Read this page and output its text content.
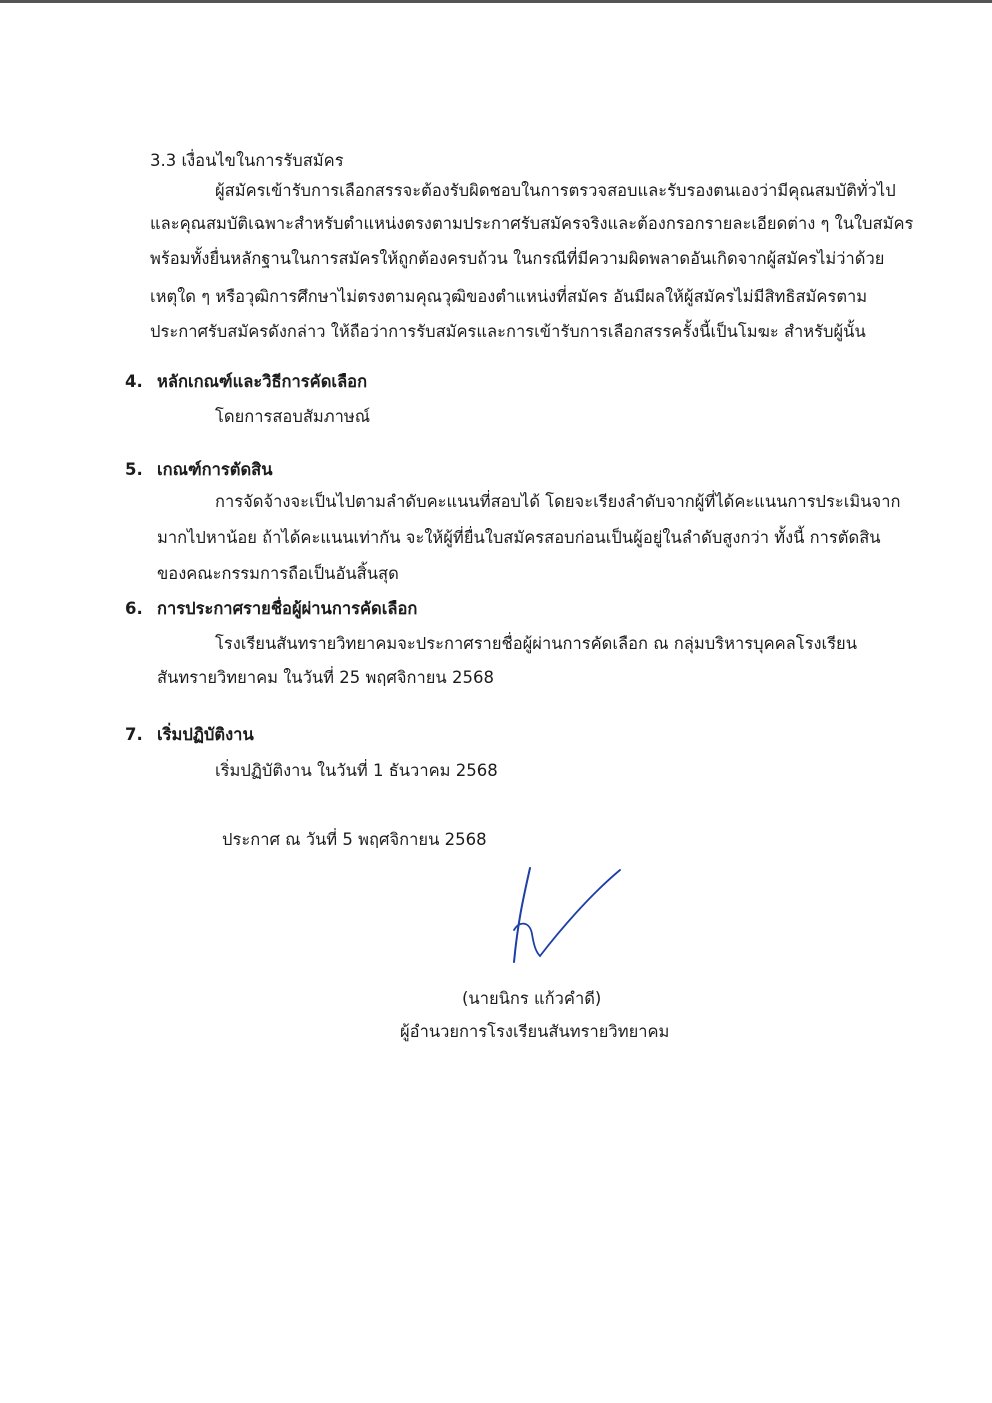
3.3 เงื่อนไขในการรับสมัคร
ผู้สมัครเข้ารับการเลือกสรรจะต้องรับผิดชอบในการตรวจสอบและรับรองตนเองว่ามีคุณสมบัติทั่วไป
และคุณสมบัติเฉพาะสำหรับตำแหน่งตรงตามประกาศรับสมัครจริงและต้องกรอกรายละเอียดต่าง ๆ ในใบสมัคร
พร้อมทั้งยื่นหลักฐานในการสมัครให้ถูกต้องครบถ้วน ในกรณีที่มีความผิดพลาดอันเกิดจากผู้สมัครไม่ว่าด้วย
เหตุใด ๆ หรือวุฒิการศึกษาไม่ตรงตามคุณวุฒิของตำแหน่งที่สมัคร อันมีผลให้ผู้สมัครไม่มีสิทธิสมัครตาม
ประกาศรับสมัครดังกล่าว ให้ถือว่าการรับสมัครและการเข้ารับการเลือกสรรครั้งนี้เป็นโมฆะ สำหรับผู้นั้น
4. หลักเกณฑ์และวิธีการคัดเลือก
โดยการสอบสัมภาษณ์
5. เกณฑ์การตัดสิน
การจัดจ้างจะเป็นไปตามลำดับคะแนนที่สอบได้ โดยจะเรียงลำดับจากผู้ที่ได้คะแนนการประเมินจาก
มากไปหาน้อย ถ้าได้คะแนนเท่ากัน จะให้ผู้ที่ยื่นใบสมัครสอบก่อนเป็นผู้อยู่ในลำดับสูงกว่า ทั้งนี้ การตัดสิน
ของคณะกรรมการถือเป็นอันสิ้นสุด
6. การประกาศรายชื่อผู้ผ่านการคัดเลือก
โรงเรียนสันทรายวิทยาคมจะประกาศรายชื่อผู้ผ่านการคัดเลือก ณ กลุ่มบริหารบุคคลโรงเรียน
สันทรายวิทยาคม ในวันที่ 25 พฤศจิกายน 2568
7. เริ่มปฏิบัติงาน
เริ่มปฏิบัติงาน ในวันที่ 1 ธันวาคม 2568
ประกาศ ณ วันที่ 5 พฤศจิกายน 2568
(นายนิกร แก้วคำดี)
ผู้อำนวยการโรงเรียนสันทรายวิทยาคม
